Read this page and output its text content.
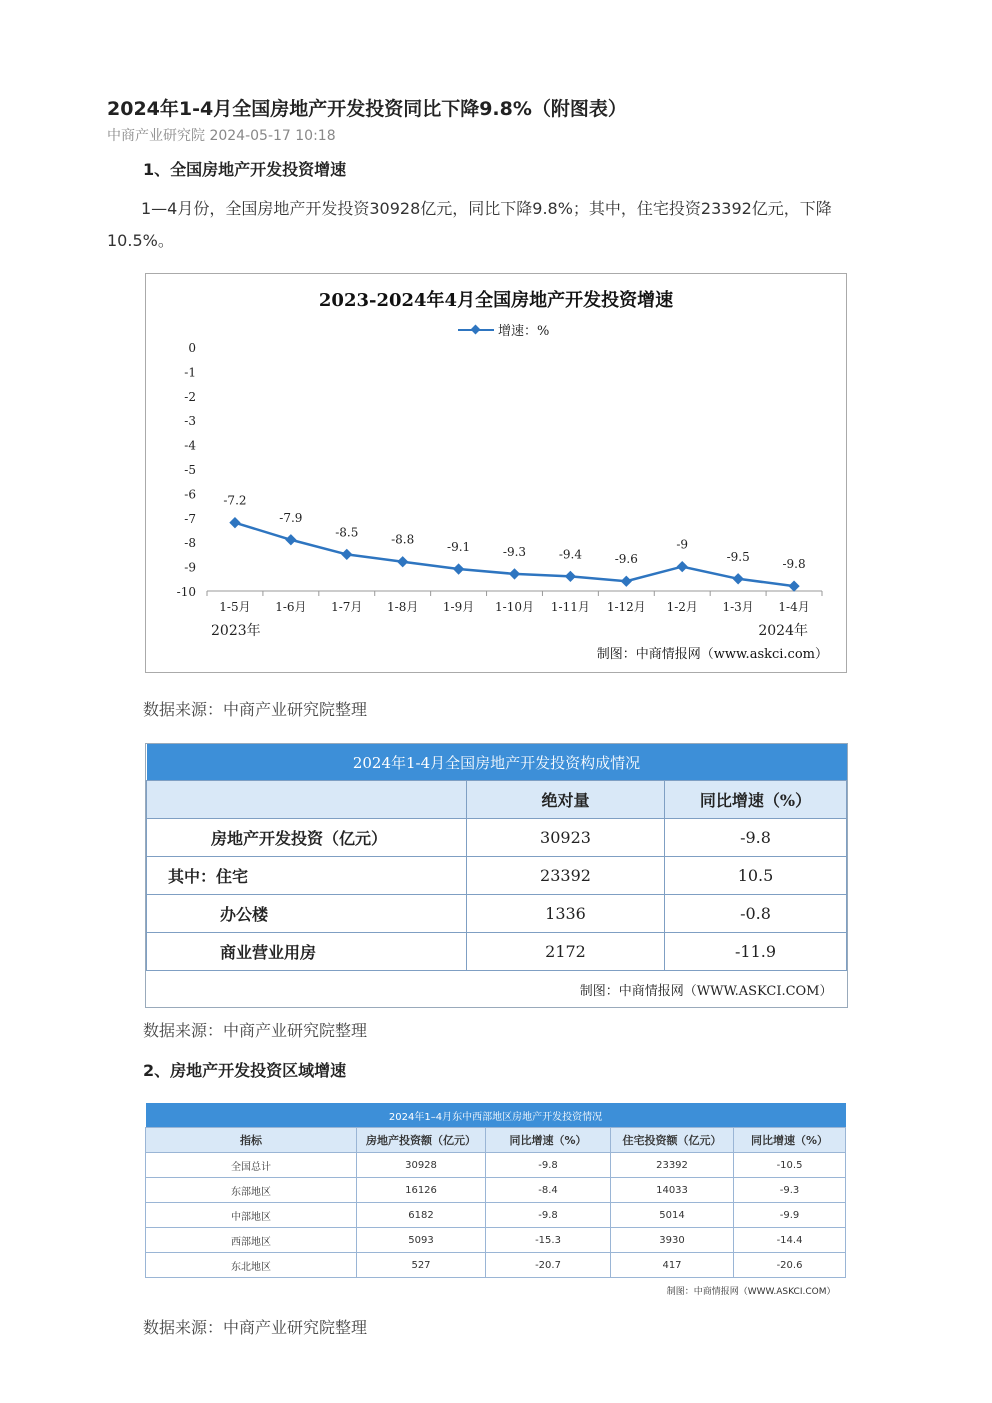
2024年1-4月全国房地产开发投资同比下降9.8%（附图表）
中商产业研究院 2024-05-17 10:18
1、全国房地产开发投资增速
1—4月份，全国房地产开发投资30928亿元，同比下降9.8%；其中，住宅投资23392亿元，下降10.5%。
2023-2024年4月全国房地产开发投资增速
增速：%
0
-1
-2
-3
-4
-5
-6
-7
-8
-9
-10
1-5月 1-6月 1-7月 1-8月 1-9月 1-10月 1-11月 1-12月 1-2月 1-3月 1-4月
2023年	2024年
-7.2
-7.9
-8.5
-8.8
-9.1	-9.3	-9.4	-9.6
-9
-9.5
-9.8
制图：中商情报网（www.askci.com）
数据来源：中商产业研究院整理
2024年1-4月全国房地产开发投资构成情况		
	绝对量	同比增速（%）
房地产开发投资（亿元）	30923	-9.8
其中：住宅	23392	10.5
办公楼	1336	-0.8
商业营业用房	2172	-11.9
制图：中商情报网（WWW.ASKCI.COM）		
数据来源：中商产业研究院整理
2、房地产开发投资区域增速
2024年1–4月东中西部地区房地产开发投资情况				
指标	房地产投资额（亿元）	同比增速（%）	住宅投资额（亿元）	同比增速（%）
全国总计	30928	-9.8	23392	-10.5
东部地区	16126	-8.4	14033	-9.3
中部地区	6182	-9.8	5014	-9.9
西部地区	5093	-15.3	3930	-14.4
东北地区	527	-20.7	417	-20.6
制图：中商情报网（WWW.ASKCI.COM）				
数据来源：中商产业研究院整理
